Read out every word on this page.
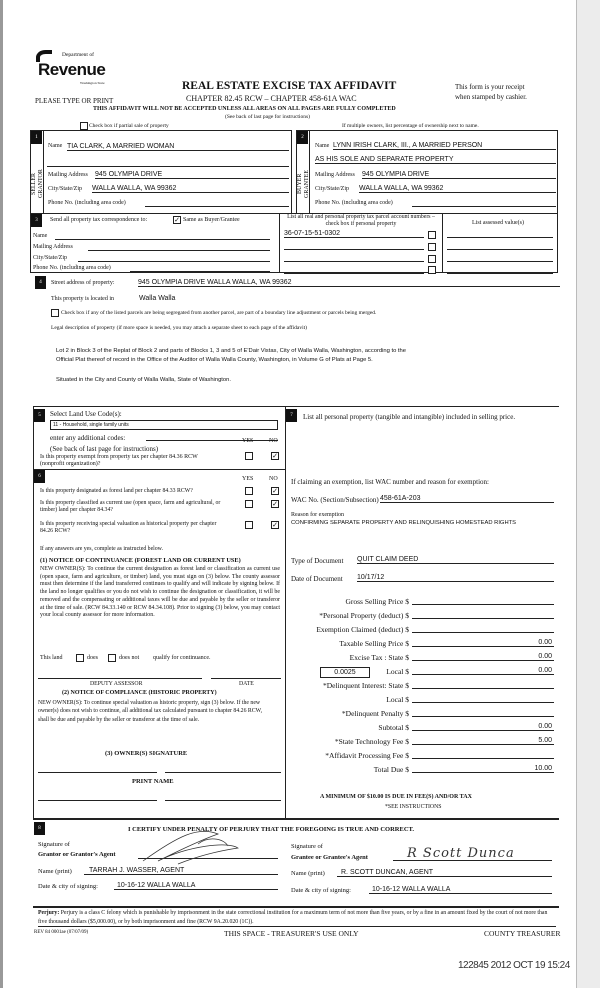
Department of
Revenue
Washington State
PLEASE TYPE OR PRINT
REAL ESTATE EXCISE TAX AFFIDAVIT
CHAPTER 82.45 RCW – CHAPTER 458-61A WAC
This form is your receipt
when stamped by cashier.
THIS AFFIDAVIT WILL NOT BE ACCEPTED UNLESS ALL AREAS ON ALL PAGES ARE FULLY COMPLETED
(See back of last page for instructions)
Check box if partial sale of property	If multiple owners, list percentage of ownership next to name.
1	2
SELLER GRANTOR	BUYER GRANTEE
Name TIA CLARK, A MARRIED WOMAN
Mailing Address 945 OLYMPIA DRIVE
City/State/Zip WALLA WALLA, WA 99362
Phone No. (including area code)
Name LYNN IRISH CLARK, III., A MARRIED PERSON
AS HIS SOLE AND SEPARATE PROPERTY
Mailing Address 945 OLYMPIA DRIVE
City/State/Zip WALLA WALLA, WA 99362
Phone No. (including area code)
3	Send all property tax correspondence to:	✓ Same as Buyer/Grantee
Name
Mailing Address
City/State/Zip
Phone No. (including area code)
List all real and personal property tax parcel account numbers – check box if personal property	List assessed value(s)
36-07-15-51-0302
4	Street address of property:	945 OLYMPIA DRIVE WALLA WALLA, WA 99362
This property is located in	Walla Walla
Check box if any of the listed parcels are being segregated from another parcel, are part of a boundary line adjustment or parcels being merged.
Legal description of property (if more space is needed, you may attach a separate sheet to each page of the affidavit)
Lot 2 in Block 3 of the Replat of Block 2 and parts of Blocks 1, 3 and 5 of E'Dair Vistas, City of Walla Walla, Washington, according to the
Official Plat thereof of record in the Office of the Auditor of Walla Walla County, Washington, in Volume G of Plats at Page 5.
Situated in the City and County of Walla Walla, State of Washington.
5	Select Land Use Code(s):
11 - Household, single family units
enter any additional codes:
(See back of last page for instructions)
YES	NO
Is this property exempt from property tax per chapter 84.36 RCW (nonprofit organization)?
✓
7	List all personal property (tangible and intangible) included in selling price.
6	YES	NO
Is this property designated as forest land per chapter 84.33 RCW?	✓
Is this property classified as current use (open space, farm and agricultural, or timber) land per chapter 84.34?
✓
Is this property receiving special valuation as historical property per chapter 84.26 RCW?
✓
If any answers are yes, complete as instructed below.
(1) NOTICE OF CONTINUANCE (FOREST LAND OR CURRENT USE)
NEW OWNER(S): To continue the current designation as forest land or classification as current use (open space, farm and agriculture, or timber) land, you must sign on (3) below. The county assessor must then determine if the land transferred continues to qualify and will indicate by signing below. If the land no longer qualifies or you do not wish to continue the designation or classification, it will be removed and the compensating or additional taxes will be due and payable by the seller or transferor at the time of sale. (RCW 84.33.140 or RCW 84.34.108). Prior to signing (3) below, you may contact your local county assessor for more information.
This land	does	does not qualify for continuance.
DEPUTY ASSESSOR	DATE
(2) NOTICE OF COMPLIANCE (HISTORIC PROPERTY)
NEW OWNER(S): To continue special valuation as historic property, sign (3) below. If the new owner(s) does not wish to continue, all additional tax calculated pursuant to chapter 84.26 RCW, shall be due and payable by the seller or transferor at the time of sale.
(3) OWNER(S) SIGNATURE
PRINT NAME
If claiming an exemption, list WAC number and reason for exemption:
WAC No. (Section/Subsection) 458-61A-203
Reason for exemption
CONFIRMING SEPARATE PROPERTY AND RELINQUISHING HOMESTEAD RIGHTS
Type of Document QUIT CLAIM DEED
Date of Document 10/17/12
Gross Selling Price $
*Personal Property (deduct) $
Exemption Claimed (deduct) $
Taxable Selling Price $	0.00
Excise Tax : State $	0.00
Local $	0.00
*Delinquent Interest: State $
Local $
*Delinquent Penalty $
Subtotal $	0.00
*State Technology Fee $	5.00
*Affidavit Processing Fee $
Total Due $	10.00
0.0025
A MINIMUM OF $10.00 IS DUE IN FEE(S) AND/OR TAX
*SEE INSTRUCTIONS
8	I CERTIFY UNDER PENALTY OF PERJURY THAT THE FOREGOING IS TRUE AND CORRECT.
Signature of
Grantor or Grantor's Agent
Name (print) TARRAH J. WASSER, AGENT
Date & city of signing:	10-16-12 WALLA WALLA
Signature of
Grantee or Grantee's Agent	R Scott Dunca
Name (print) R. SCOTT DUNCAN, AGENT
Date & city of signing:	10-16-12 WALLA WALLA
Perjury: Perjury is a class C felony which is punishable by imprisonment in the state correctional institution for a maximum term of not more than five years, or by a fine in an amount fixed by the court of not more than five thousand dollars ($5,000.00), or by both imprisonment and fine (RCW 9A.20.020 (1C)).
REV 84 0001ae (07/07/09)	THIS SPACE - TREASURER'S USE ONLY	COUNTY TREASURER
122845 2012 OCT 19 15:24
